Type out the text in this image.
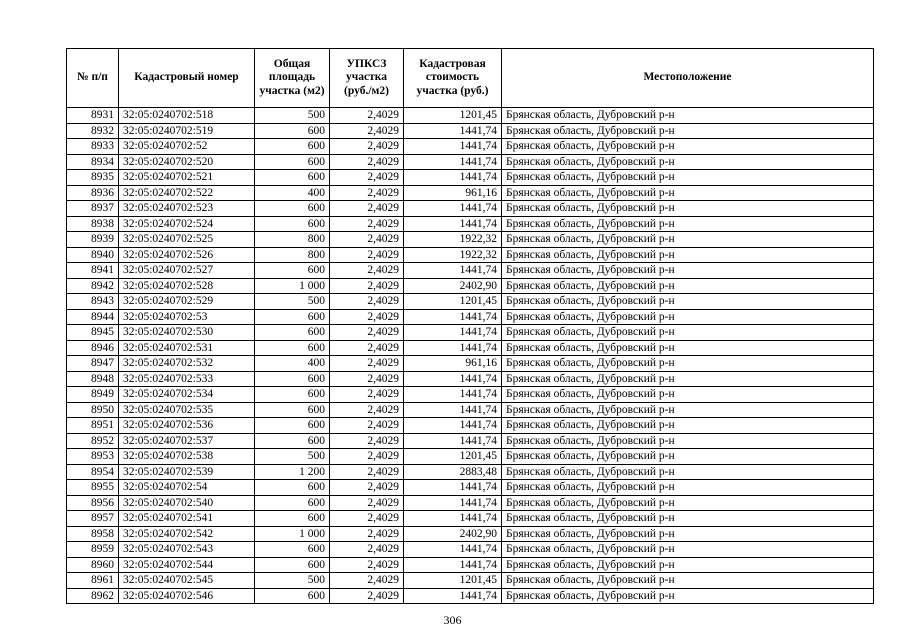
№ п/п	Кадастровый номер	Общая площадь участка (м2)	УПКСЗ участка (руб./м2)	Кадастровая стоимость участка (руб.)	Местоположение
8931	32:05:0240702:518	500	2,4029	1201,45	Брянская область, Дубровский р-н
8932	32:05:0240702:519	600	2,4029	1441,74	Брянская область, Дубровский р-н
8933	32:05:0240702:52	600	2,4029	1441,74	Брянская область, Дубровский р-н
8934	32:05:0240702:520	600	2,4029	1441,74	Брянская область, Дубровский р-н
8935	32:05:0240702:521	600	2,4029	1441,74	Брянская область, Дубровский р-н
8936	32:05:0240702:522	400	2,4029	961,16	Брянская область, Дубровский р-н
8937	32:05:0240702:523	600	2,4029	1441,74	Брянская область, Дубровский р-н
8938	32:05:0240702:524	600	2,4029	1441,74	Брянская область, Дубровский р-н
8939	32:05:0240702:525	800	2,4029	1922,32	Брянская область, Дубровский р-н
8940	32:05:0240702:526	800	2,4029	1922,32	Брянская область, Дубровский р-н
8941	32:05:0240702:527	600	2,4029	1441,74	Брянская область, Дубровский р-н
8942	32:05:0240702:528	1 000	2,4029	2402,90	Брянская область, Дубровский р-н
8943	32:05:0240702:529	500	2,4029	1201,45	Брянская область, Дубровский р-н
8944	32:05:0240702:53	600	2,4029	1441,74	Брянская область, Дубровский р-н
8945	32:05:0240702:530	600	2,4029	1441,74	Брянская область, Дубровский р-н
8946	32:05:0240702:531	600	2,4029	1441,74	Брянская область, Дубровский р-н
8947	32:05:0240702:532	400	2,4029	961,16	Брянская область, Дубровский р-н
8948	32:05:0240702:533	600	2,4029	1441,74	Брянская область, Дубровский р-н
8949	32:05:0240702:534	600	2,4029	1441,74	Брянская область, Дубровский р-н
8950	32:05:0240702:535	600	2,4029	1441,74	Брянская область, Дубровский р-н
8951	32:05:0240702:536	600	2,4029	1441,74	Брянская область, Дубровский р-н
8952	32:05:0240702:537	600	2,4029	1441,74	Брянская область, Дубровский р-н
8953	32:05:0240702:538	500	2,4029	1201,45	Брянская область, Дубровский р-н
8954	32:05:0240702:539	1 200	2,4029	2883,48	Брянская область, Дубровский р-н
8955	32:05:0240702:54	600	2,4029	1441,74	Брянская область, Дубровский р-н
8956	32:05:0240702:540	600	2,4029	1441,74	Брянская область, Дубровский р-н
8957	32:05:0240702:541	600	2,4029	1441,74	Брянская область, Дубровский р-н
8958	32:05:0240702:542	1 000	2,4029	2402,90	Брянская область, Дубровский р-н
8959	32:05:0240702:543	600	2,4029	1441,74	Брянская область, Дубровский р-н
8960	32:05:0240702:544	600	2,4029	1441,74	Брянская область, Дубровский р-н
8961	32:05:0240702:545	500	2,4029	1201,45	Брянская область, Дубровский р-н
8962	32:05:0240702:546	600	2,4029	1441,74	Брянская область, Дубровский р-н
306
